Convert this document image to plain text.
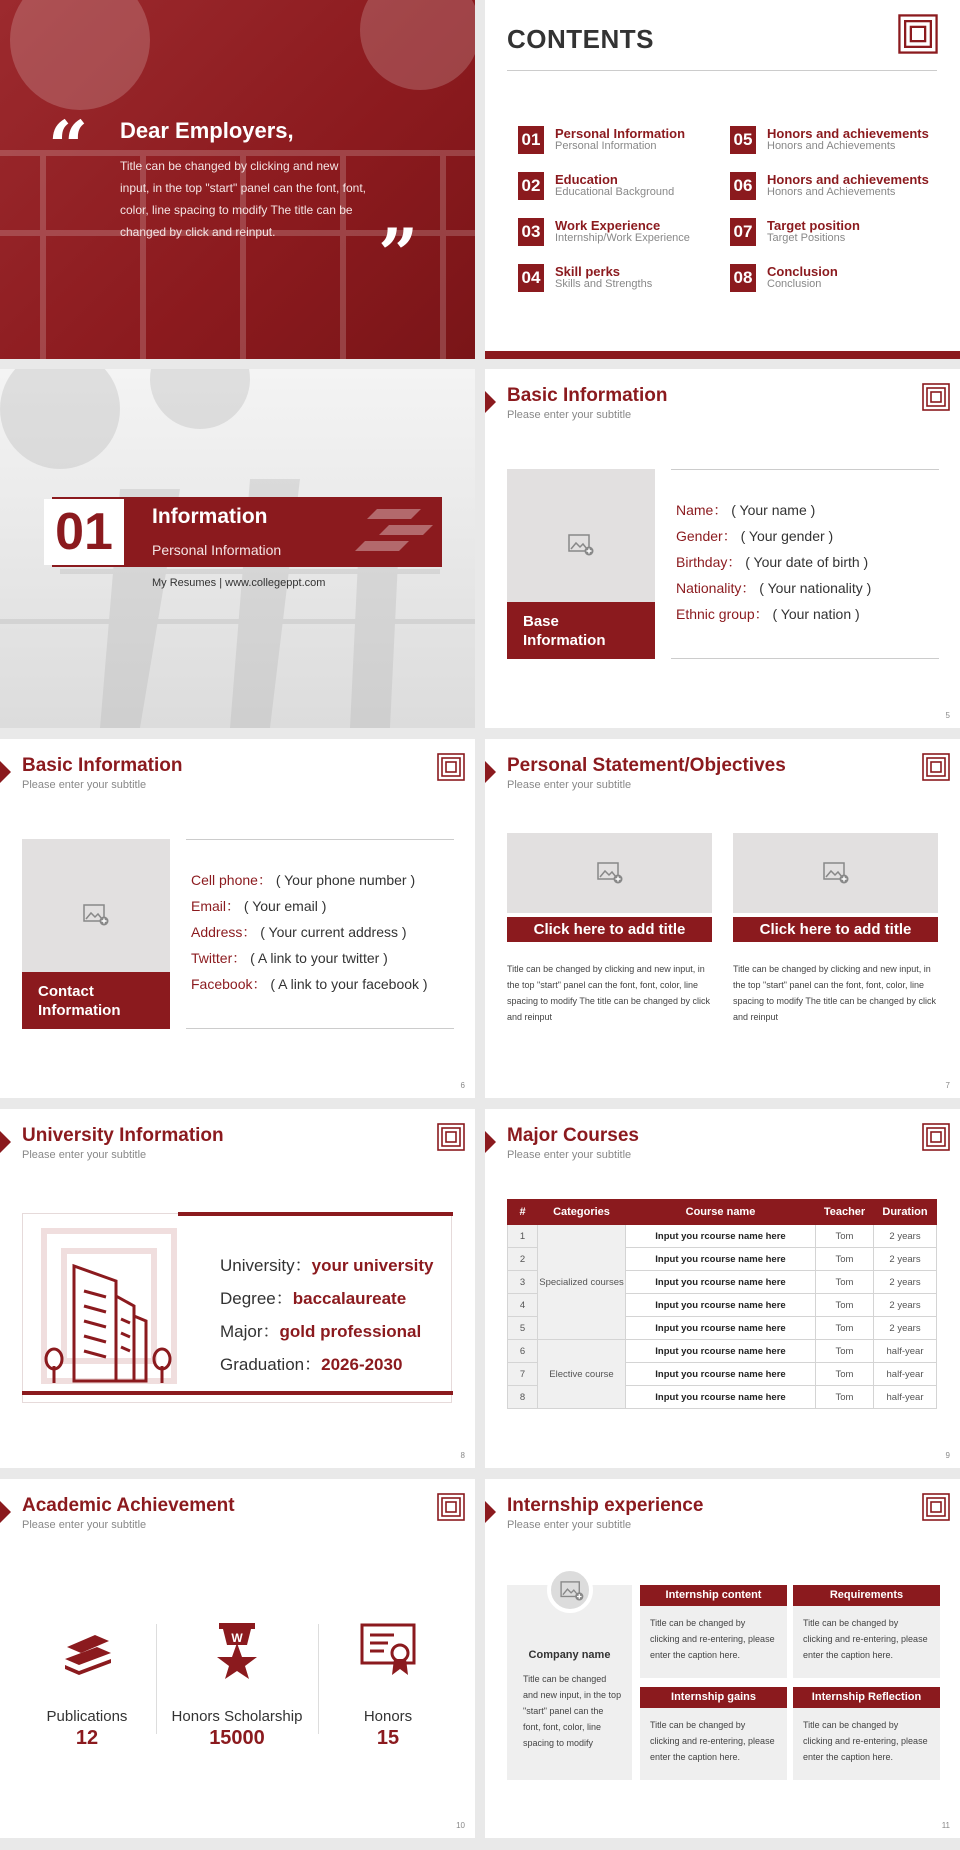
“ Dear Employers,

Title can be changed by clicking and new input, in the top "start" panel can the font, font, color, line spacing to modify The title can be changed by click and reinput.	”
CONTENTS
01 Personal Information
Personal Information
02 Education
Educational Background
03 Work Experience
Internship/Work Experience
04 Skill perks
Skills and Strengths
05 Honors and achievements
Honors and Achievements
06 Honors and achievements
Honors and Achievements
07 Target position
Target Positions
08 Conclusion
Conclusion
01	Information
Personal Information
My Resumes | www.collegeppt.com
Basic Information
Please enter your subtitle
Base Information
Name： ( Your name )
Gender： ( Your gender )
Birthday： ( Your date of birth )
Nationality： ( Your nationality )
Ethnic group： ( Your nation )
5
Basic Information
Please enter your subtitle
Contact Information
Cell phone： ( Your phone number )
Email： ( Your email )
Address： ( Your current address )
Twitter： ( A link to your twitter )
Facebook： ( A link to your facebook )
6
Personal Statement/Objectives
Please enter your subtitle
Click here to add title
Title can be changed by clicking and new input, in the top "start" panel can the font, font, color, line spacing to modify The title can be changed by click and reinput
Click here to add title
Title can be changed by clicking and new input, in the top "start" panel can the font, font, color, line spacing to modify The title can be changed by click and reinput
7
University Information
Please enter your subtitle
University：your university
Degree：baccalaureate
Major：gold professional
Graduation：2026-2030
8
Major Courses
Please enter your subtitle
#	Categories	Course name	Teacher	Duration
1	Specialized courses	Input you rcourse name here	Tom	2 years
2		Input you rcourse name here	Tom	2 years
3		Input you rcourse name here	Tom	2 years
4		Input you rcourse name here	Tom	2 years
5		Input you rcourse name here	Tom	2 years
6	Elective course	Input you rcourse name here	Tom	half-year
7		Input you rcourse name here	Tom	half-year
8		Input you rcourse name here	Tom	half-year
9
Academic Achievement
Please enter your subtitle
Publications
12
W
Honors Scholarship
15000
Honors
15
10
Internship experience
Please enter your subtitle
Company name
Title can be changed and new input, in the top "start" panel can the font, font, color, line spacing to modify
Internship content
Title can be changed by clicking and re-entering, please enter the caption here.
Requirements
Title can be changed by clicking and re-entering, please enter the caption here.
Internship gains
Title can be changed by clicking and re-entering, please enter the caption here.
Internship Reflection
Title can be changed by clicking and re-entering, please enter the caption here.
11
